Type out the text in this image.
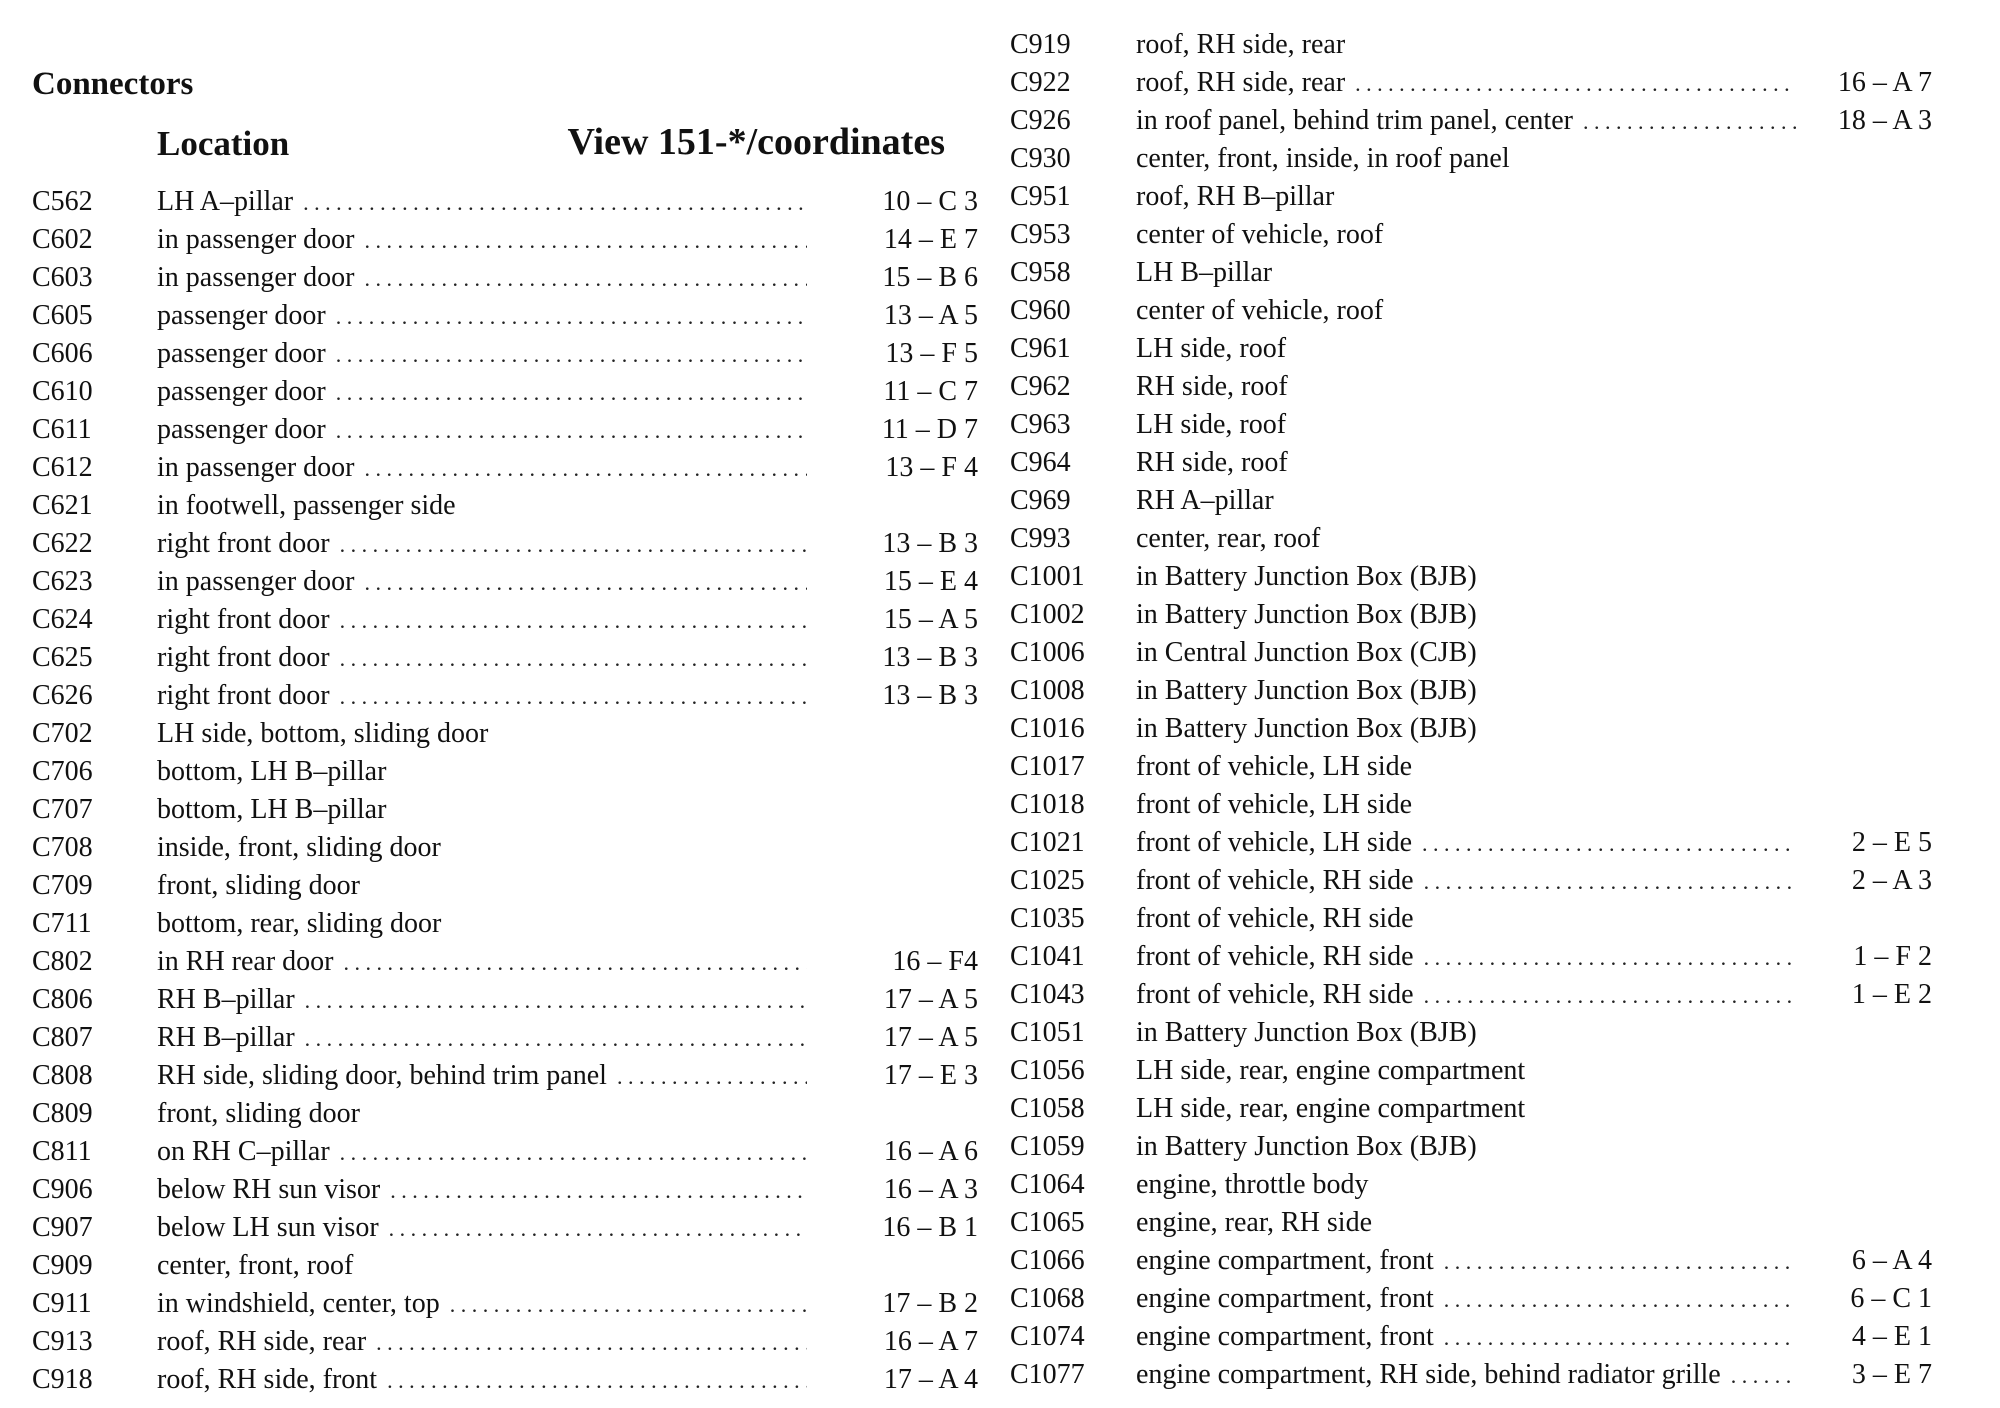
Connectors
Location	View 151-*/coordinates
C562 LH A–pillar . . .	10 – C 3
C602 in passenger door . . .	14 – E 7
C603 in passenger door . . .	15 – B 6
C605 passenger door . . .	13 – A 5
C606 passenger door . . .	13 – F 5
C610 passenger door . . .	11 – C 7
C611 passenger door . . .	11 – D 7
C612 in passenger door . . .	13 – F 4
C621 in footwell, passenger side
C622 right front door . . .	13 – B 3
C623 in passenger door . . .	15 – E 4
C624 right front door . . .	15 – A 5
C625 right front door . . .	13 – B 3
C626 right front door . . .	13 – B 3
C702 LH side, bottom, sliding door
C706 bottom, LH B–pillar
C707 bottom, LH B–pillar
C708 inside, front, sliding door
C709 front, sliding door
C711 bottom, rear, sliding door
C802 in RH rear door . . .	16 – F4
C806 RH B–pillar . . .	17 – A 5
C807 RH B–pillar . . .	17 – A 5
C808 RH side, sliding door, behind trim panel . . .	17 – E 3
C809 front, sliding door
C811 on RH C–pillar . . .	16 – A 6
C906 below RH sun visor . . .	16 – A 3
C907 below LH sun visor . . .	16 – B 1
C909 center, front, roof
C911 in windshield, center, top . . .	17 – B 2
C913 roof, RH side, rear . . .	16 – A 7
C918 roof, RH side, front . . .	17 – A 4
C919 roof, RH side, rear
C922 roof, RH side, rear . . .	16 – A 7
C926 in roof panel, behind trim panel, center . . .	18 – A 3
C930 center, front, inside, in roof panel
C951 roof, RH B–pillar
C953 center of vehicle, roof
C958 LH B–pillar
C960 center of vehicle, roof
C961 LH side, roof
C962 RH side, roof
C963 LH side, roof
C964 RH side, roof
C969 RH A–pillar
C993 center, rear, roof
C1001 in Battery Junction Box (BJB)
C1002 in Battery Junction Box (BJB)
C1006 in Central Junction Box (CJB)
C1008 in Battery Junction Box (BJB)
C1016 in Battery Junction Box (BJB)
C1017 front of vehicle, LH side
C1018 front of vehicle, LH side
C1021 front of vehicle, LH side . . .	2 – E 5
C1025 front of vehicle, RH side . . .	2 – A 3
C1035 front of vehicle, RH side
C1041 front of vehicle, RH side . . .	1 – F 2
C1043 front of vehicle, RH side . . .	1 – E 2
C1051 in Battery Junction Box (BJB)
C1056 LH side, rear, engine compartment
C1058 LH side, rear, engine compartment
C1059 in Battery Junction Box (BJB)
C1064 engine, throttle body
C1065 engine, rear, RH side
C1066 engine compartment, front . . .	6 – A 4
C1068 engine compartment, front . . .	6 – C 1
C1074 engine compartment, front . . .	4 – E 1
C1077 engine compartment, RH side, behind radiator grille . . .	3 – E 7
